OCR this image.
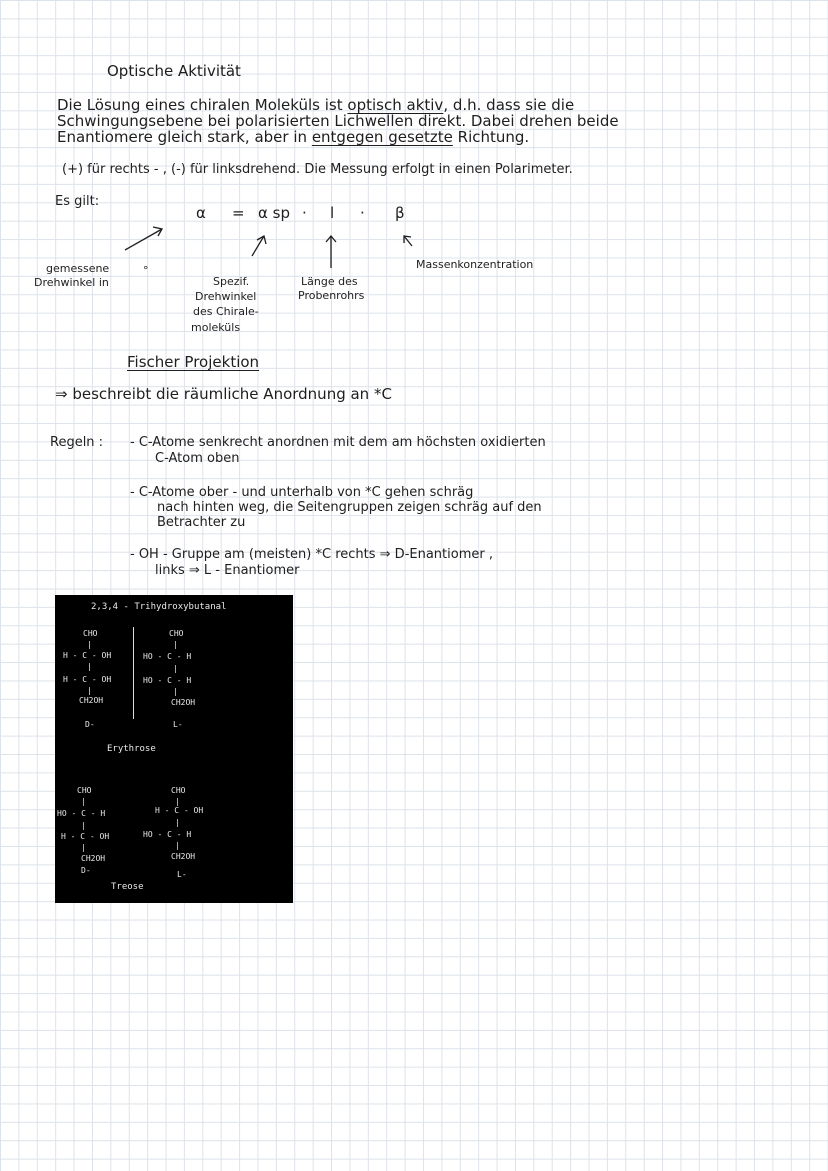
Optische Aktivität
Die Lösung eines chiralen Moleküls ist optisch aktiv, d.h. dass sie die
Schwingungsebene bei polarisierten Lichwellen direkt. Dabei drehen beide
Enantiomere gleich stark, aber in entgegen gesetzte Richtung.
(+) für rechts - , (-) für linksdrehend. Die Messung erfolgt in einen Polarimeter.
Es gilt:
α = α sp · l · β
gemessene
Drehwinkel in
°
Spezif.
Drehwinkel
des Chirale-
moleküls
Länge des
Probenrohrs
Massenkonzentration
Fischer Projektion
⇒ beschreibt die räumliche Anordnung an *C
Regeln : - C-Atome senkrecht anordnen mit dem am höchsten oxidierten
C-Atom oben
- C-Atome ober - und unterhalb von *C gehen schräg
nach hinten weg, die Seitengruppen zeigen schräg auf den
Betrachter zu
- OH - Gruppe am (meisten) *C rechts ⇒ D-Enantiomer ,
links ⇒ L - Enantiomer
2,3,4 - Trihydroxybutanal
CHO
|
H - C - OH
|
H - C - OH
|
CH2OH
D-
CHO
|
HO - C - H
|
HO - C - H
|
CH2OH
L-
Erythrose
CHO
|
HO - C - H
|
H - C - OH
|
CH2OH
D-
CHO
|
H - C - OH
|
HO - C - H
|
CH2OH
L-
Treose
